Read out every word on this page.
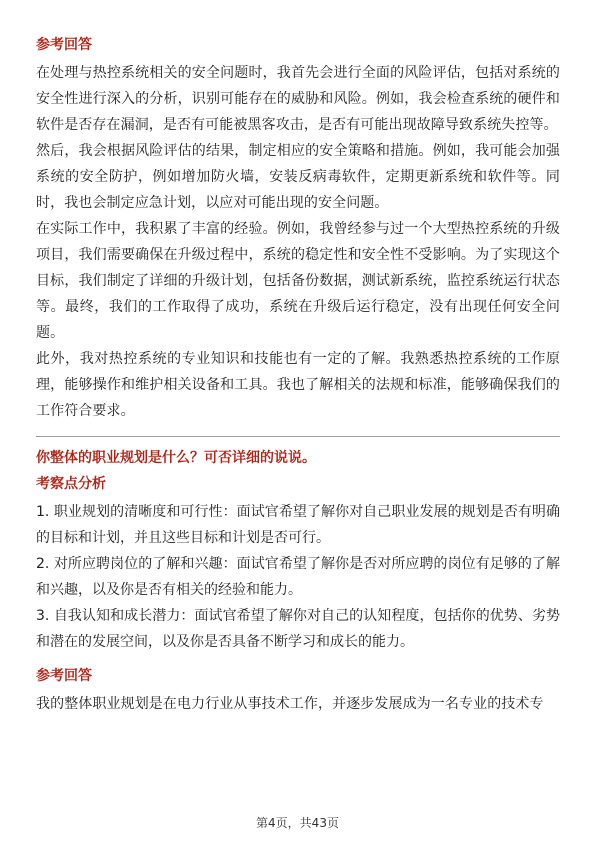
参考回答

在处理与热控系统相关的安全问题时，我首先会进行全面的风险评估，包括对系统的安全性进行深入的分析，识别可能存在的威胁和风险。例如，我会检查系统的硬件和软件是否存在漏洞，是否有可能被黑客攻击，是否有可能出现故障导致系统失控等。

然后，我会根据风险评估的结果，制定相应的安全策略和措施。例如，我可能会加强系统的安全防护，例如增加防火墙，安装反病毒软件，定期更新系统和软件等。同时，我也会制定应急计划，以应对可能出现的安全问题。

在实际工作中，我积累了丰富的经验。例如，我曾经参与过一个大型热控系统的升级项目，我们需要确保在升级过程中，系统的稳定性和安全性不受影响。为了实现这个目标，我们制定了详细的升级计划，包括备份数据，测试新系统，监控系统运行状态等。最终，我们的工作取得了成功，系统在升级后运行稳定，没有出现任何安全问题。

此外，我对热控系统的专业知识和技能也有一定的了解。我熟悉热控系统的工作原理，能够操作和维护相关设备和工具。我也了解相关的法规和标准，能够确保我们的工作符合要求。

你整体的职业规划是什么？可否详细的说说。

考察点分析

1. 职业规划的清晰度和可行性：面试官希望了解你对自己职业发展的规划是否有明确的目标和计划，并且这些目标和计划是否可行。

2. 对所应聘岗位的了解和兴趣：面试官希望了解你是否对所应聘的岗位有足够的了解和兴趣，以及你是否有相关的经验和能力。

3. 自我认知和成长潜力：面试官希望了解你对自己的认知程度，包括你的优势、劣势和潜在的发展空间，以及你是否具备不断学习和成长的能力。

参考回答

我的整体职业规划是在电力行业从事技术工作，并逐步发展成为一名专业的技术专

第4页，共43页
